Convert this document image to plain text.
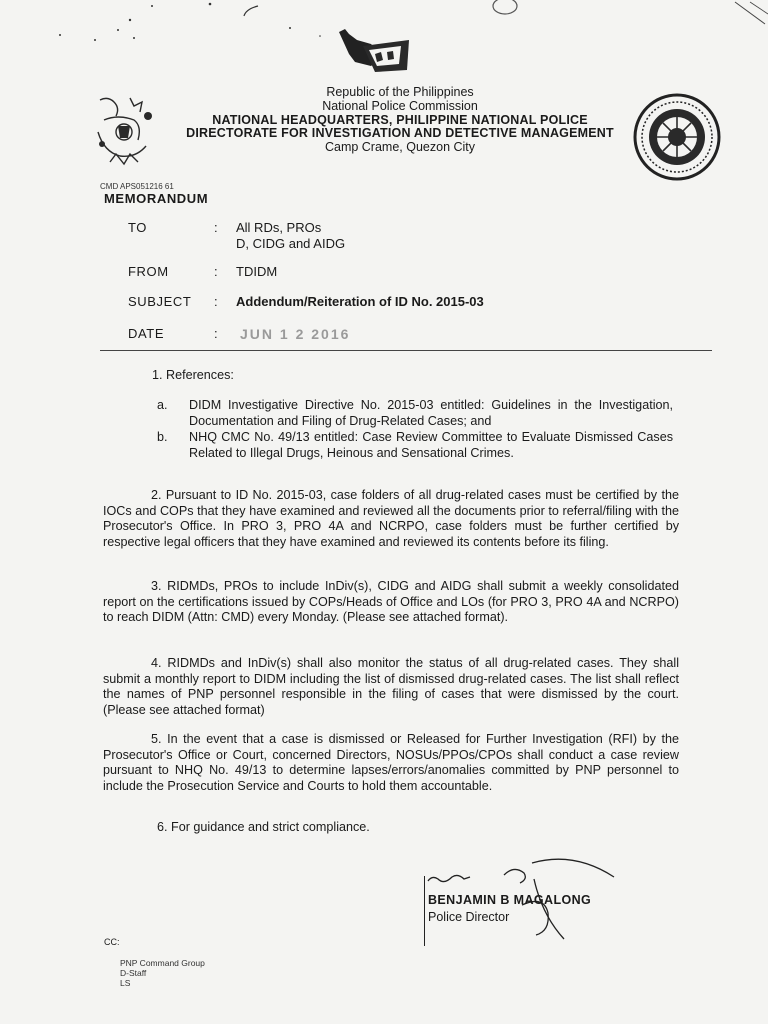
Republic of the Philippines
National Police Commission
NATIONAL HEADQUARTERS, PHILIPPINE NATIONAL POLICE
DIRECTORATE FOR INVESTIGATION AND DETECTIVE MANAGEMENT
Camp Crame, Quezon City
CMD APS051216 61
MEMORANDUM
TO	: All RDs, PROs
D, CIDG and AIDG
FROM	: TDIDM
SUBJECT : Addendum/Reiteration of ID No. 2015-03
DATE	: JUN 1 2 2016
1. References:
a. DIDM Investigative Directive No. 2015-03 entitled: Guidelines in the Investigation, Documentation and Filing of Drug-Related Cases; and
b. NHQ CMC No. 49/13 entitled: Case Review Committee to Evaluate Dismissed Cases Related to Illegal Drugs, Heinous and Sensational Crimes.
2. Pursuant to ID No. 2015-03, case folders of all drug-related cases must be certified by the IOCs and COPs that they have examined and reviewed all the documents prior to referral/filing with the Prosecutor's Office. In PRO 3, PRO 4A and NCRPO, case folders must be further certified by respective legal officers that they have examined and reviewed its contents before its filing.
3. RIDMDs, PROs to include InDiv(s), CIDG and AIDG shall submit a weekly consolidated report on the certifications issued by COPs/Heads of Office and LOs (for PRO 3, PRO 4A and NCRPO) to reach DIDM (Attn: CMD) every Monday. (Please see attached format).
4. RIDMDs and InDiv(s) shall also monitor the status of all drug-related cases. They shall submit a monthly report to DIDM including the list of dismissed drug-related cases. The list shall reflect the names of PNP personnel responsible in the filing of cases that were dismissed by the court. (Please see attached format)
5. In the event that a case is dismissed or Released for Further Investigation (RFI) by the Prosecutor's Office or Court, concerned Directors, NOSUs/PPOs/CPOs shall conduct a case review pursuant to NHQ No. 49/13 to determine lapses/errors/anomalies committed by PNP personnel to include the Prosecution Service and Courts to hold them accountable.
6. For guidance and strict compliance.
BENJAMIN B MAGALONG
Police Director
CC:
PNP Command Group
D-Staff
LS
